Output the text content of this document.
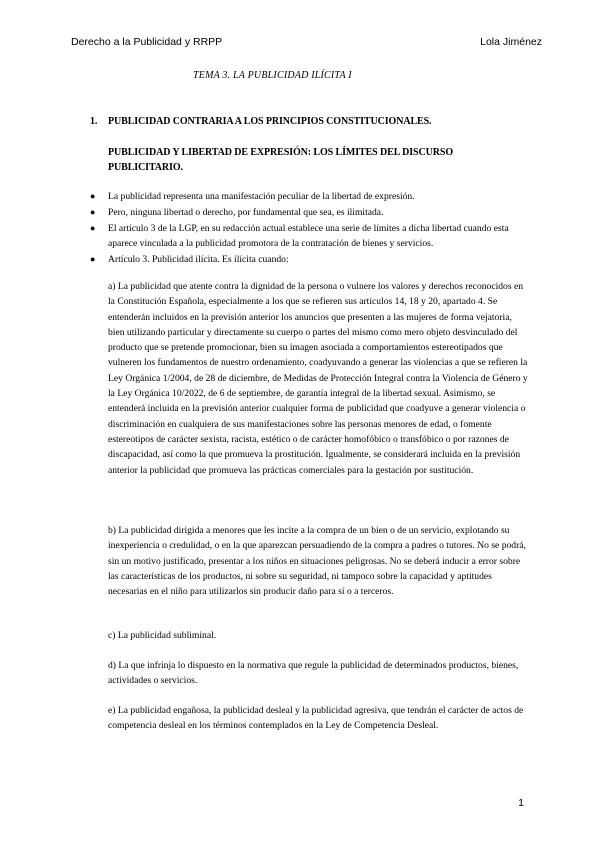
Derecho a la Publicidad y RRPP	Lola Jiménez
TEMA 3. LA PUBLICIDAD ILÍCITA I
1. PUBLICIDAD CONTRARIA A LOS PRINCIPIOS CONSTITUCIONALES.
PUBLICIDAD Y LIBERTAD DE EXPRESIÓN: LOS LÍMITES DEL DISCURSO PUBLICITARIO.
● La publicidad representa una manifestación peculiar de la libertad de expresión.
● Pero, ninguna libertad o derecho, por fundamental que sea, es ilimitada.
● El artículo 3 de la LGP, en su redacción actual establece una serie de límites a dicha libertad cuando esta aparece vinculada a la publicidad promotora de la contratación de bienes y servicios.
● Artículo 3. Publicidad ilícita. Es ilícita cuando:

a) La publicidad que atente contra la dignidad de la persona o vulnere los valores y derechos reconocidos en la Constitución Española, especialmente a los que se refieren sus artículos 14, 18 y 20, apartado 4. Se entenderán incluidos en la previsión anterior los anuncios que presenten a las mujeres de forma vejatoria, bien utilizando particular y directamente su cuerpo o partes del mismo como mero objeto desvinculado del producto que se pretende promocionar, bien su imagen asociada a comportamientos estereotipados que vulneren los fundamentos de nuestro ordenamiento, coadyuvando a generar las violencias a que se refieren la Ley Orgánica 1/2004, de 28 de diciembre, de Medidas de Protección Integral contra la Violencia de Género y la Ley Orgánica 10/2022, de 6 de septiembre, de garantía integral de la libertad sexual. Asimismo, se entenderá incluida en la previsión anterior cualquier forma de publicidad que coadyuve a generar violencia o discriminación en cualquiera de sus manifestaciones sobre las personas menores de edad, o fomente estereotipos de carácter sexista, racista, estético o de carácter homofóbico o transfóbico o por razones de discapacidad, así como la que promueva la prostitución. Igualmente, se considerará incluida en la previsión anterior la publicidad que promueva las prácticas comerciales para la gestación por sustitución.

b) La publicidad dirigida a menores que les incite a la compra de un bien o de un servicio, explotando su inexperiencia o credulidad, o en la que aparezcan persuadiendo de la compra a padres o tutores. No se podrá, sin un motivo justificado, presentar a los niños en situaciones peligrosas. No se deberá inducir a error sobre las características de los productos, ni sobre su seguridad, ni tampoco sobre la capacidad y aptitudes necesarias en el niño para utilizarlos sin producir daño para sí o a terceros.

c) La publicidad subliminal.

d) La que infrinja lo dispuesto en la normativa que regule la publicidad de determinados productos, bienes, actividades o servicios.

e) La publicidad engañosa, la publicidad desleal y la publicidad agresiva, que tendrán el carácter de actos de competencia desleal en los términos contemplados en la Ley de Competencia Desleal.

1
